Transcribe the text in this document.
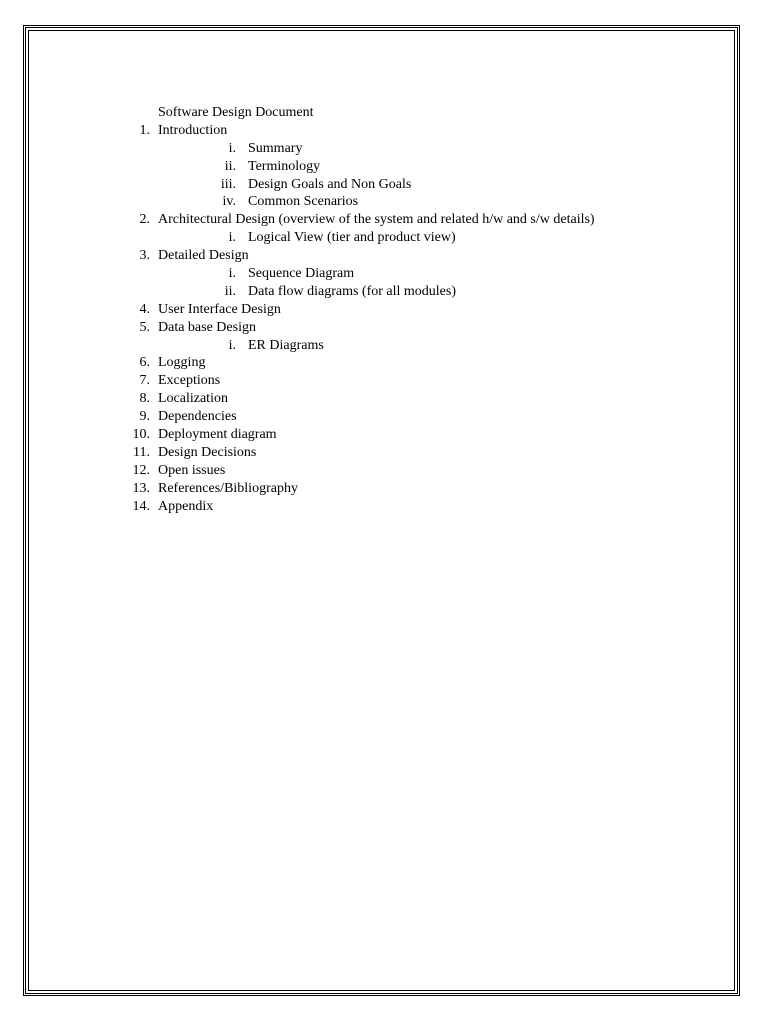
Software Design Document
1. Introduction
i. Summary
ii. Terminology
iii. Design Goals and Non Goals
iv. Common Scenarios
2. Architectural Design (overview of the system and related h/w and s/w details)
i. Logical View (tier and product view)
3. Detailed Design
i. Sequence Diagram
ii. Data flow diagrams (for all modules)
4. User Interface Design
5. Data base Design
i. ER Diagrams
6. Logging
7. Exceptions
8. Localization
9. Dependencies
10. Deployment diagram
11. Design Decisions
12. Open issues
13. References/Bibliography
14. Appendix
